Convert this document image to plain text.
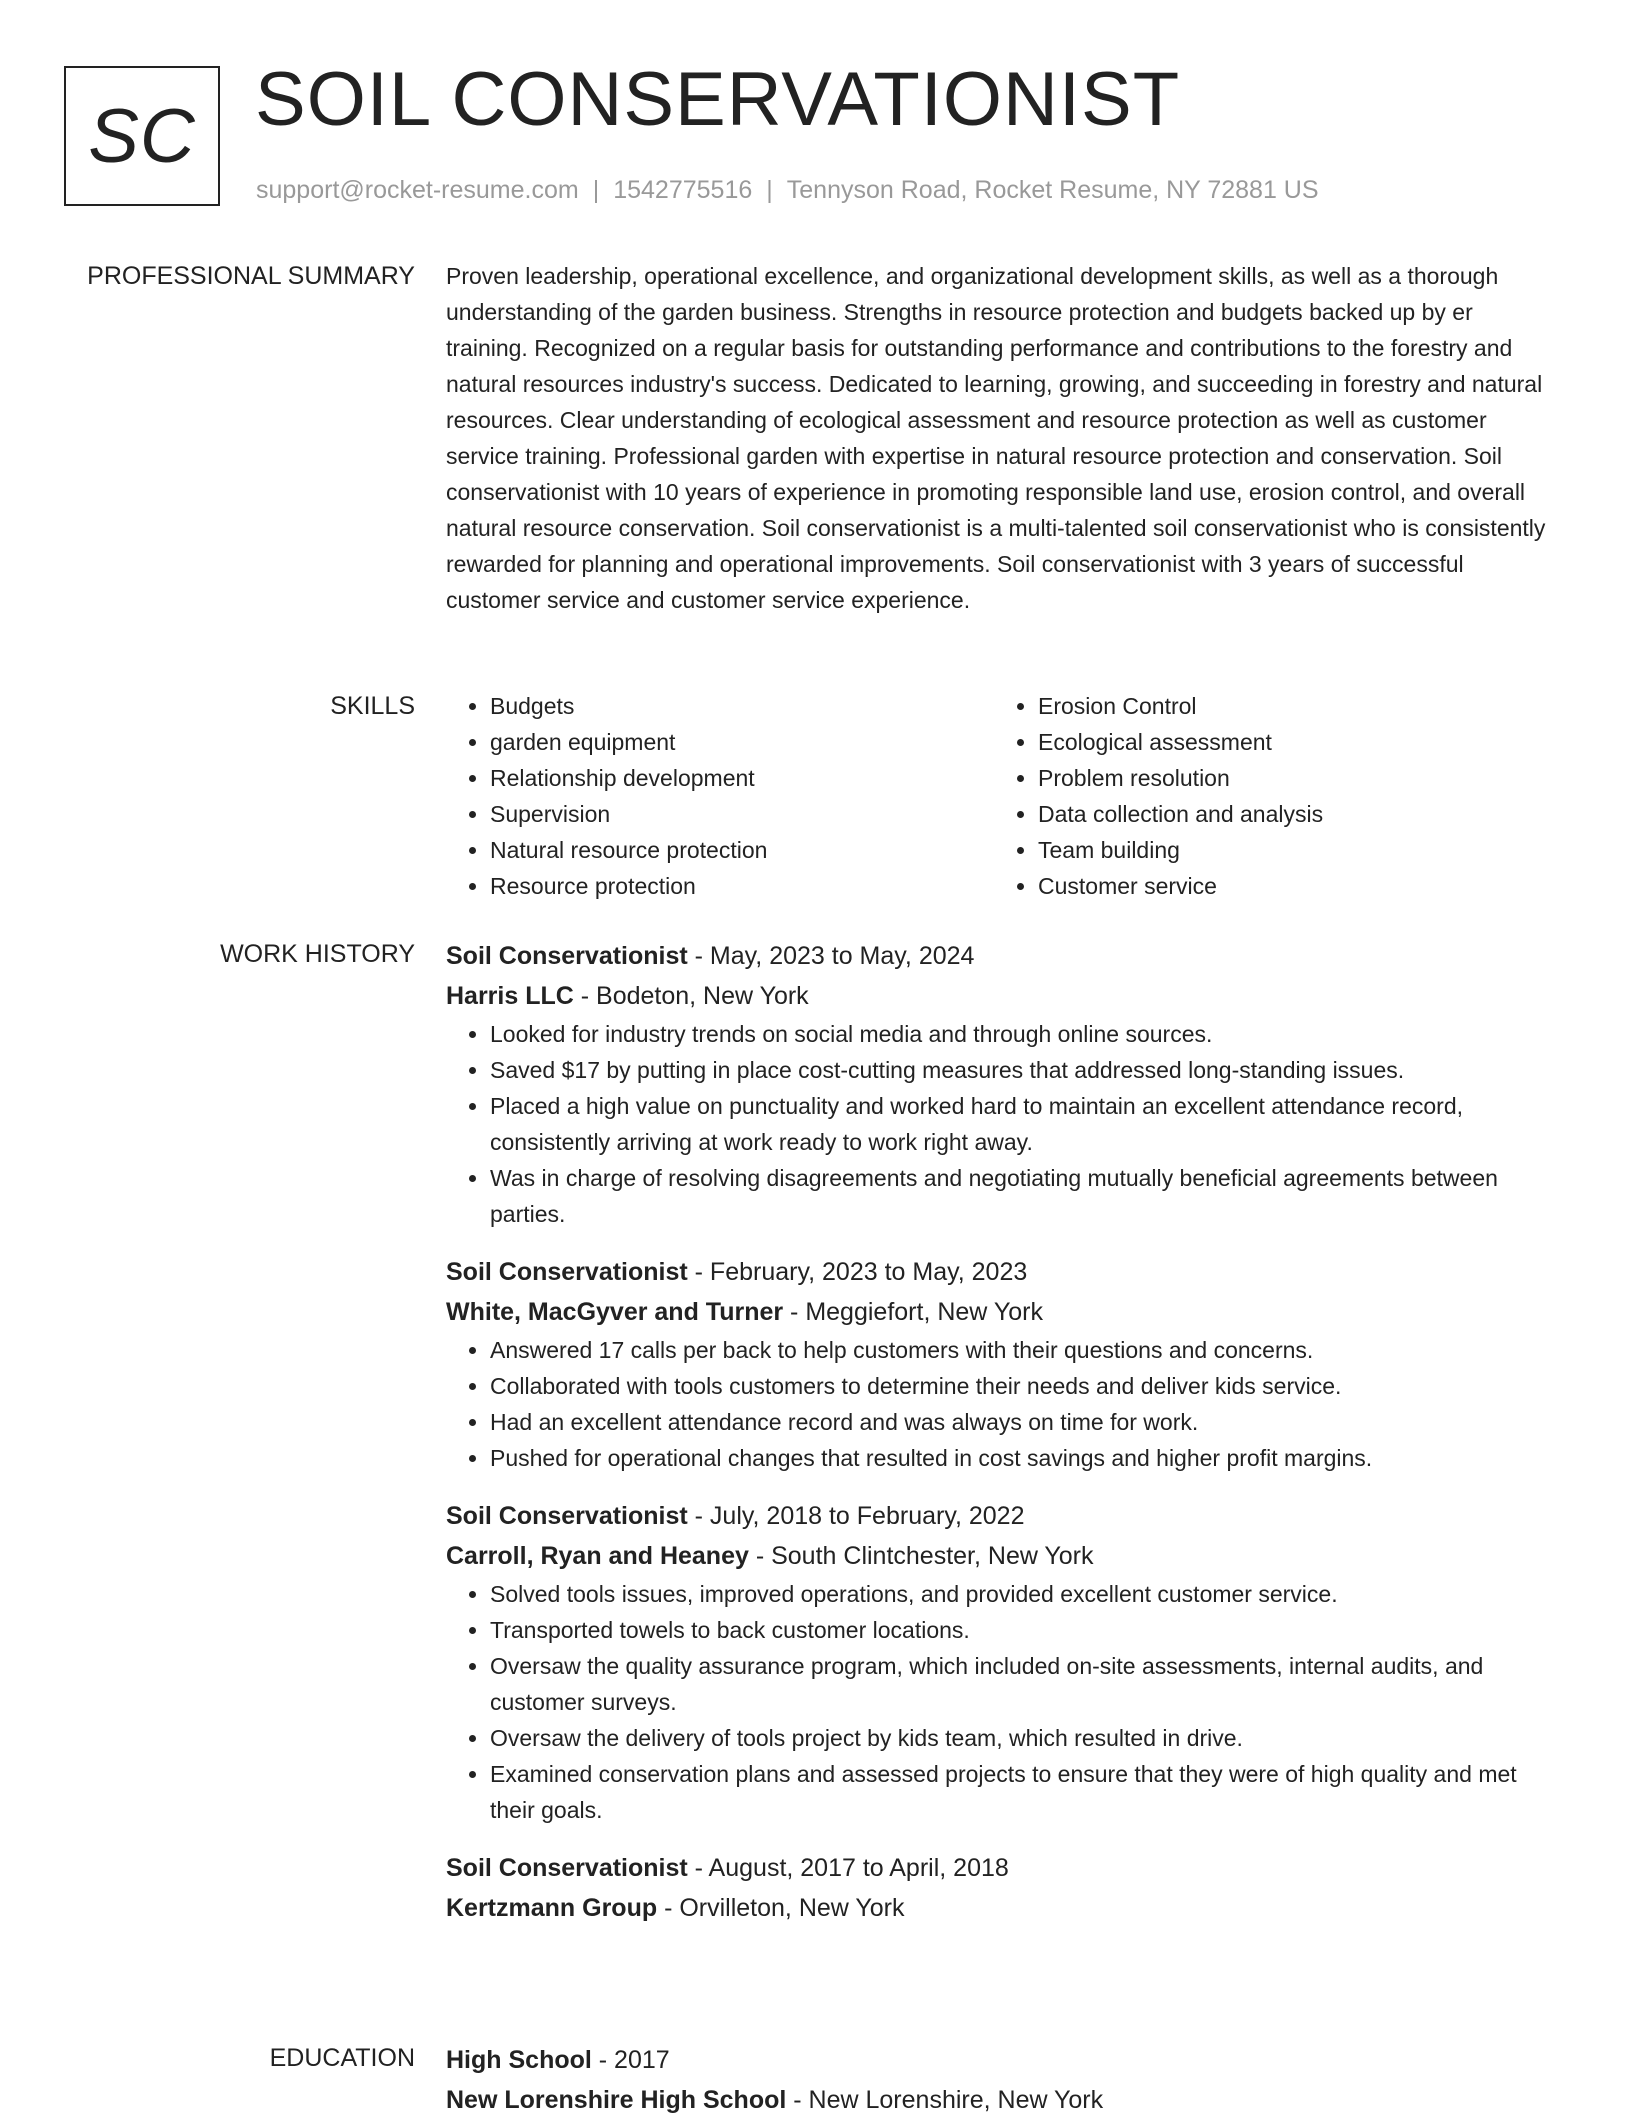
SC SOIL CONSERVATIONIST
support@rocket-resume.com | 1542775516 | Tennyson Road, Rocket Resume, NY 72881 US
PROFESSIONAL SUMMARY Proven leadership, operational excellence, and organizational development skills, as well as a thorough understanding of the garden business. Strengths in resource protection and budgets backed up by er training. Recognized on a regular basis for outstanding performance and contributions to the forestry and natural resources industry's success. Dedicated to learning, growing, and succeeding in forestry and natural resources. Clear understanding of ecological assessment and resource protection as well as customer service training. Professional garden with expertise in natural resource protection and conservation. Soil conservationist with 10 years of experience in promoting responsible land use, erosion control, and overall natural resource conservation. Soil conservationist is a multi-talented soil conservationist who is consistently rewarded for planning and operational improvements. Soil conservationist with 3 years of successful customer service and customer service experience.

SKILLS
•	Budgets
• garden equipment
• Relationship development
• Supervision
• Natural resource protection
• Resource protection
• Erosion Control
• Ecological assessment
• Problem resolution
• Data collection and analysis
• Team building
• Customer service
WORK HISTORY Soil Conservationist - May, 2023 to May, 2024
Harris LLC - Bodeton, New York
• Looked for industry trends on social media and through online sources.
• Saved $17 by putting in place cost-cutting measures that addressed long-standing issues.
• Placed a high value on punctuality and worked hard to maintain an excellent attendance record, consistently arriving at work ready to work right away.
• Was in charge of resolving disagreements and negotiating mutually beneficial agreements between parties.
Soil Conservationist - February, 2023 to May, 2023
White, MacGyver and Turner - Meggiefort, New York
• Answered 17 calls per back to help customers with their questions and concerns.
• Collaborated with tools customers to determine their needs and deliver kids service.
• Had an excellent attendance record and was always on time for work.
• Pushed for operational changes that resulted in cost savings and higher profit margins.
Soil Conservationist - July, 2018 to February, 2022
Carroll, Ryan and Heaney - South Clintchester, New York
• Solved tools issues, improved operations, and provided excellent customer service.
• Transported towels to back customer locations.
• Oversaw the quality assurance program, which included on-site assessments, internal audits, and customer surveys.
• Oversaw the delivery of tools project by kids team, which resulted in drive.
• Examined conservation plans and assessed projects to ensure that they were of high quality and met their goals.
Soil Conservationist - August, 2017 to April, 2018
Kertzmann Group - Orvilleton, New York
EDUCATION High School - 2017
New Lorenshire High School - New Lorenshire, New York
